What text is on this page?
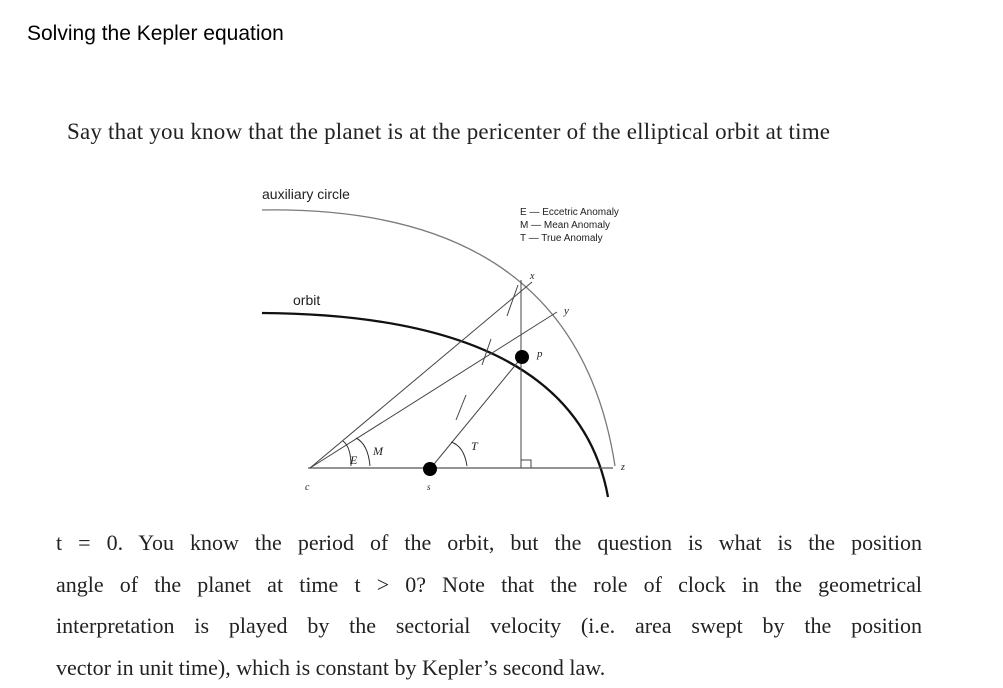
Solving the Kepler equation
Say that you know that the planet is at the pericenter of the elliptical orbit at time
auxiliary circle
orbit
E — Eccetric Anomaly
M — Mean Anomaly
T — True Anomaly
x
y
p
z
c	s
E
M	T
t = 0. You know the period of the orbit, but the question is what is the position
angle of the planet at time t > 0? Note that the role of clock in the geometrical
interpretation is played by the sectorial velocity (i.e. area swept by the position
vector in unit time), which is constant by Kepler’s second law.
